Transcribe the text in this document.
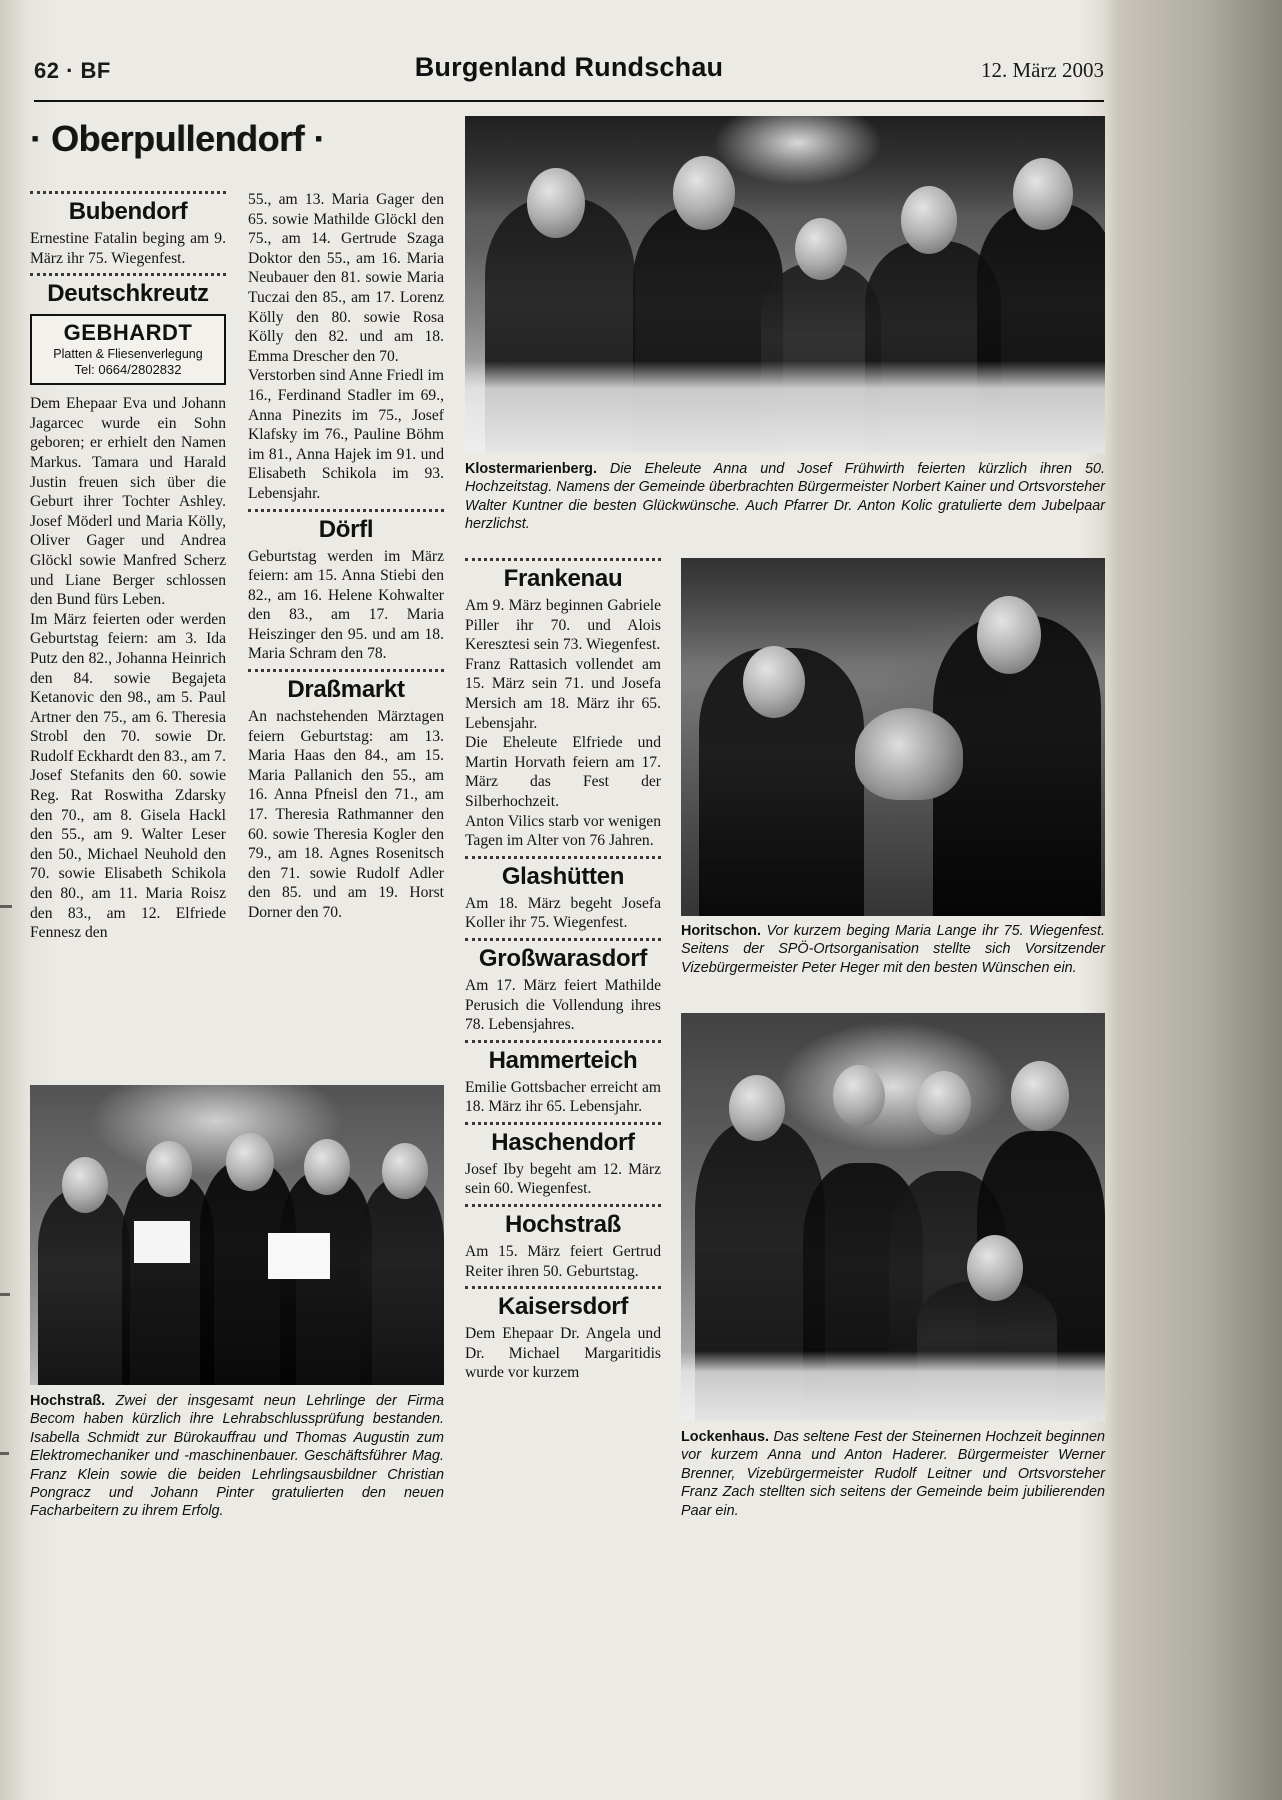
62 · BF	Burgenland Rundschau	12. März 2003
· Oberpullendorf ·
Bubendorf

Ernestine Fatalin beging am 9. März ihr 75. Wiegenfest.

Deutschkreutz
GEBHARDT
Platten & Fliesenverlegung
Tel: 0664/2802832

Dem Ehepaar Eva und Johann Jagarcec wurde ein Sohn geboren; er erhielt den Namen Markus. Tamara und Harald Justin freuen sich über die Geburt ihrer Tochter Ashley. Josef Möderl und Maria Kölly, Oliver Gager und Andrea Glöckl sowie Manfred Scherz und Liane Berger schlossen den Bund fürs Leben.

Im März feierten oder werden Geburtstag feiern: am 3. Ida Putz den 82., Johanna Heinrich den 84. sowie Begajeta Ketanovic den 98., am 5. Paul Artner den 75., am 6. Theresia Strobl den 70. sowie Dr. Rudolf Eckhardt den 83., am 7. Josef Stefanits den 60. sowie Reg. Rat Roswitha Zdarsky den 70., am 8. Gisela Hackl den 55., am 9. Walter Leser den 50., Michael Neuhold den 70. sowie Elisabeth Schikola den 80., am 11. Maria Roisz den 83., am 12. Elfriede Fennesz den

55., am 13. Maria Gager den 65. sowie Mathilde Glöckl den 75., am 14. Gertrude Szaga Doktor den 55., am 16. Maria Neubauer den 81. sowie Maria Tuczai den 85., am 17. Lorenz Kölly den 80. sowie Rosa Kölly den 82. und am 18. Emma Drescher den 70.

Verstorben sind Anne Friedl im 16., Ferdinand Stadler im 69., Anna Pinezits im 75., Josef Klafsky im 76., Pauline Böhm im 81., Anna Hajek im 91. und Elisabeth Schikola im 93. Lebensjahr.

Dörfl

Geburtstag werden im März feiern: am 15. Anna Stiebi den 82., am 16. Helene Kohwalter den 83., am 17. Maria Heiszinger den 95. und am 18. Maria Schram den 78.

Draßmarkt

An nachstehenden Märztagen feiern Geburtstag: am 13. Maria Haas den 84., am 15. Maria Pallanich den 55., am 16. Anna Pfneisl den 71., am 17. Theresia Rathmanner den 60. sowie Theresia Kogler den 79., am 18. Agnes Rosenitsch den 71. sowie Rudolf Adler den 85. und am 19. Horst Dorner den 70.

Frankenau

Am 9. März beginnen Gabriele Piller ihr 70. und Alois Keresztesi sein 73. Wiegenfest.

Franz Rattasich vollendet am 15. März sein 71. und Josefa Mersich am 18. März ihr 65. Lebensjahr.

Die Eheleute Elfriede und Martin Horvath feiern am 17. März das Fest der Silberhochzeit.

Anton Vilics starb vor wenigen Tagen im Alter von 76 Jahren.

Glashütten

Am 18. März begeht Josefa Koller ihr 75. Wiegenfest.

Großwarasdorf

Am 17. März feiert Mathilde Perusich die Vollendung ihres 78. Lebensjahres.

Hammerteich

Emilie Gottsbacher erreicht am 18. März ihr 65. Lebensjahr.

Haschendorf

Josef Iby begeht am 12. März sein 60. Wiegenfest.

Hochstraß

Am 15. März feiert Gertrud Reiter ihren 50. Geburtstag.

Kaisersdorf

Dem Ehepaar Dr. Angela und Dr. Michael Margaritidis wurde vor kurzem

Klostermarienberg. Die Eheleute Anna und Josef Frühwirth feierten kürzlich ihren 50. Hochzeitstag. Namens der Gemeinde überbrachten Bürgermeister Norbert Kainer und Ortsvorsteher Walter Kuntner die besten Glückwünsche. Auch Pfarrer Dr. Anton Kolic gratulierte dem Jubelpaar herzlichst.
Horitschon. Vor kurzem beging Maria Lange ihr 75. Wiegenfest. Seitens der SPÖ-Ortsorganisation stellte sich Vorsitzender Vizebürgermeister Peter Heger mit den besten Wünschen ein.
Lockenhaus. Das seltene Fest der Steinernen Hochzeit beginnen vor kurzem Anna und Anton Haderer. Bürgermeister Werner Brenner, Vizebürgermeister Rudolf Leitner und Ortsvorsteher Franz Zach stellten sich seitens der Gemeinde beim jubilierenden Paar ein.
Hochstraß. Zwei der insgesamt neun Lehrlinge der Firma Becom haben kürzlich ihre Lehrabschlussprüfung bestanden. Isabella Schmidt zur Bürokauffrau und Thomas Augustin zum Elektromechaniker und -maschinenbauer. Geschäftsführer Mag. Franz Klein sowie die beiden Lehrlingsausbildner Christian Pongracz und Johann Pinter gratulierten den neuen Facharbeitern zu ihrem Erfolg.
